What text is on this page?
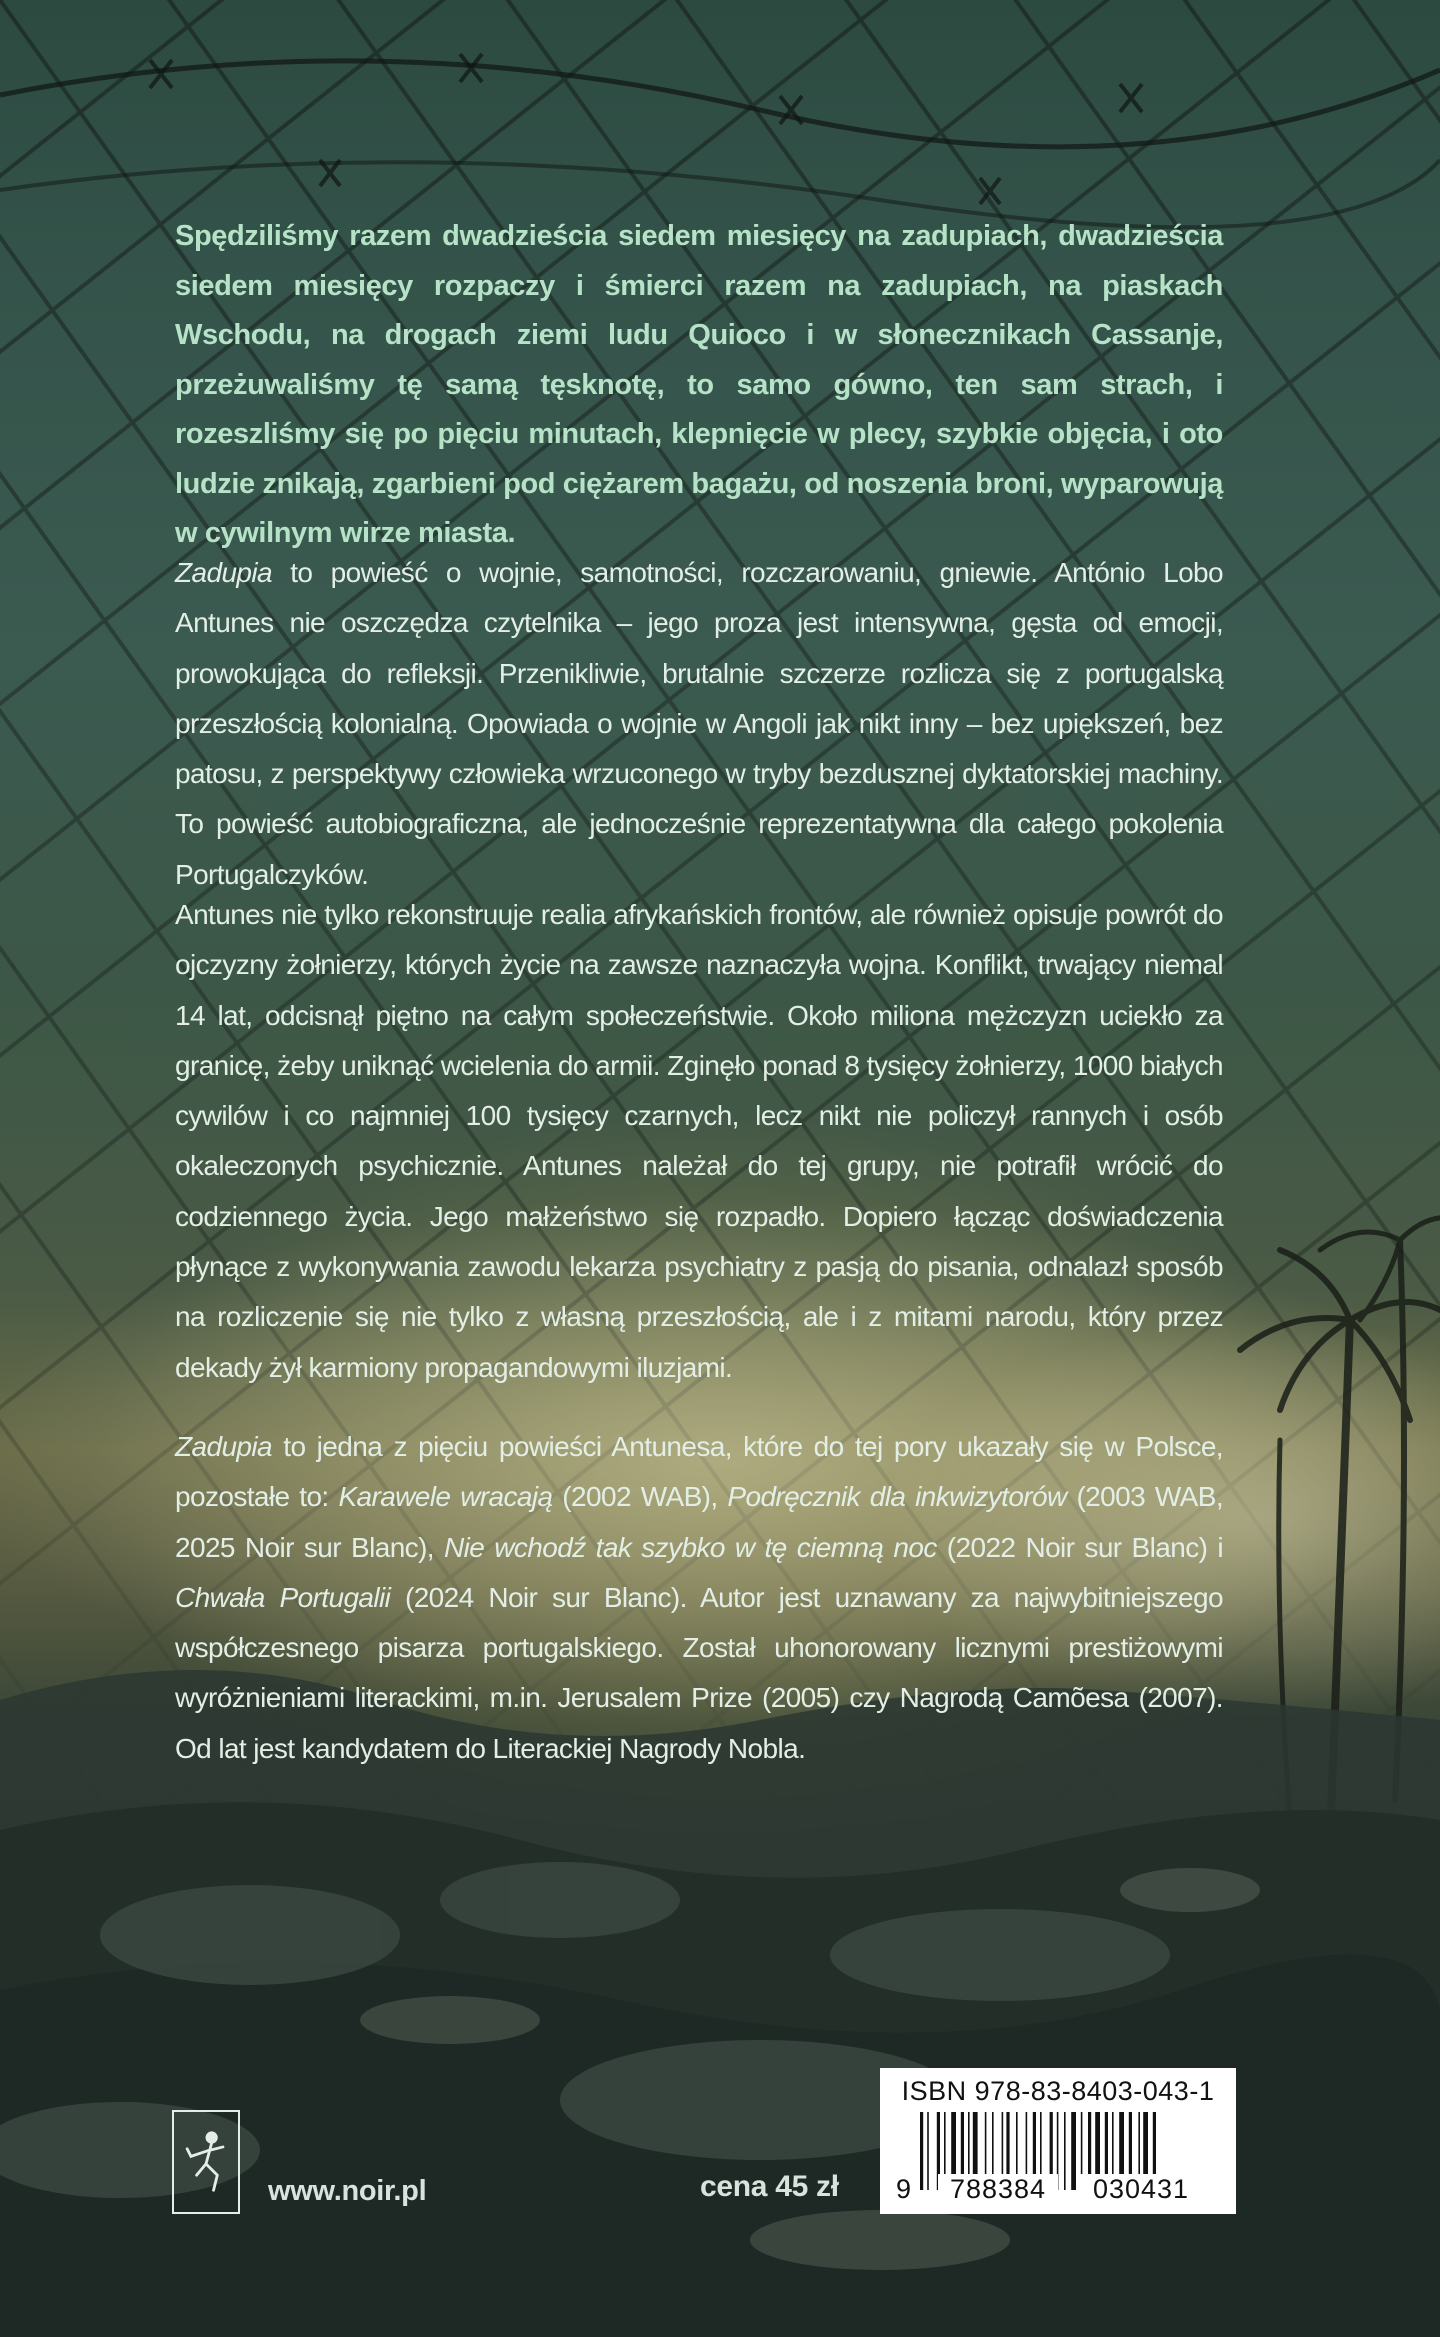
Spędziliśmy razem dwadzieścia siedem miesięcy na zadupiach, dwadzieścia siedem miesięcy rozpaczy i śmierci razem na zadupiach, na piaskach Wschodu, na drogach ziemi ludu Quioco i w słonecznikach Cassanje, przeżuwaliśmy tę samą tęsknotę, to samo gówno, ten sam strach, i rozeszliśmy się po pięciu minutach, klepnięcie w plecy, szybkie objęcia, i oto ludzie znikają, zgarbieni pod ciężarem bagażu, od noszenia broni, wyparowują w cywilnym wirze miasta.

Zadupia to powieść o wojnie, samotności, rozczarowaniu, gniewie. António Lobo Antunes nie oszczędza czytelnika – jego proza jest intensywna, gęsta od emocji, prowokująca do refleksji. Przenikliwie, brutalnie szczerze rozlicza się z portugalską przeszłością kolonialną. Opowiada o wojnie w Angoli jak nikt inny – bez upiększeń, bez patosu, z perspektywy człowieka wrzuconego w tryby bezdusznej dyktatorskiej machiny. To powieść autobiograficzna, ale jednocześnie reprezentatywna dla całego pokolenia Portugalczyków.

Antunes nie tylko rekonstruuje realia afrykańskich frontów, ale również opisuje powrót do ojczyzny żołnierzy, których życie na zawsze naznaczyła wojna. Konflikt, trwający niemal 14 lat, odcisnął piętno na całym społeczeństwie. Około miliona mężczyzn uciekło za granicę, żeby uniknąć wcielenia do armii. Zginęło ponad 8 tysięcy żołnierzy, 1000 białych cywilów i co najmniej 100 tysięcy czarnych, lecz nikt nie policzył rannych i osób okaleczonych psychicznie. Antunes należał do tej grupy, nie potrafił wrócić do codziennego życia. Jego małżeństwo się rozpadło. Dopiero łącząc doświadczenia płynące z wykonywania zawodu lekarza psychiatry z pasją do pisania, odnalazł sposób na rozliczenie się nie tylko z własną przeszłością, ale i z mitami narodu, który przez dekady żył karmiony propagandowymi iluzjami.

Zadupia to jedna z pięciu powieści Antunesa, które do tej pory ukazały się w Polsce, pozostałe to: Karawele wracają (2002 WAB), Podręcznik dla inkwizytorów (2003 WAB, 2025 Noir sur Blanc), Nie wchodź tak szybko w tę ciemną noc (2022 Noir sur Blanc) i Chwała Portugalii (2024 Noir sur Blanc). Autor jest uznawany za najwybitniejszego współczesnego pisarza portugalskiego. Został uhonorowany licznymi prestiżowymi wyróżnieniami literackimi, m.in. Jerusalem Prize (2005) czy Nagrodą Camõesa (2007). Od lat jest kandydatem do Literackiej Nagrody Nobla.

www.noir.pl	cena 45 zł
ISBN 978-83-8403-043-1
9	788384	030431
